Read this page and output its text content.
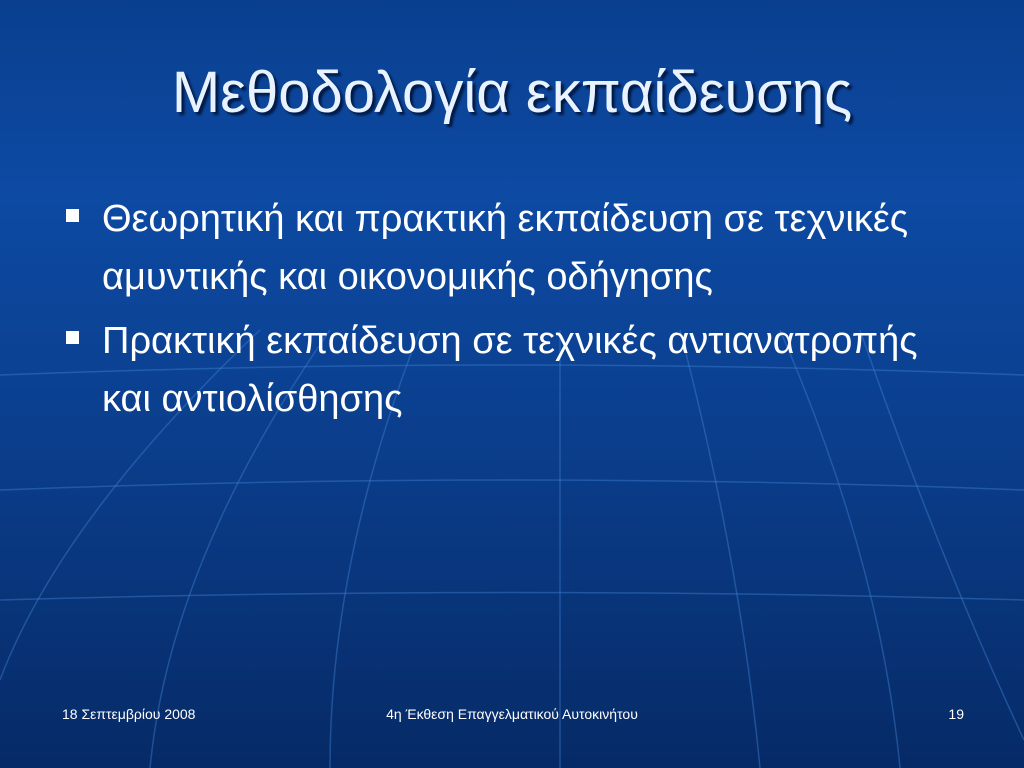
Μεθοδολογία εκπαίδευσης
Θεωρητική και πρακτική εκπαίδευση σε τεχνικές αμυντικής και οικονομικής οδήγησης
Πρακτική εκπαίδευση σε τεχνικές αντιανατροπής και αντιολίσθησης
18 Σεπτεμβρίου 2008	4η Έκθεση Επαγγελματικού Αυτοκινήτου	19
